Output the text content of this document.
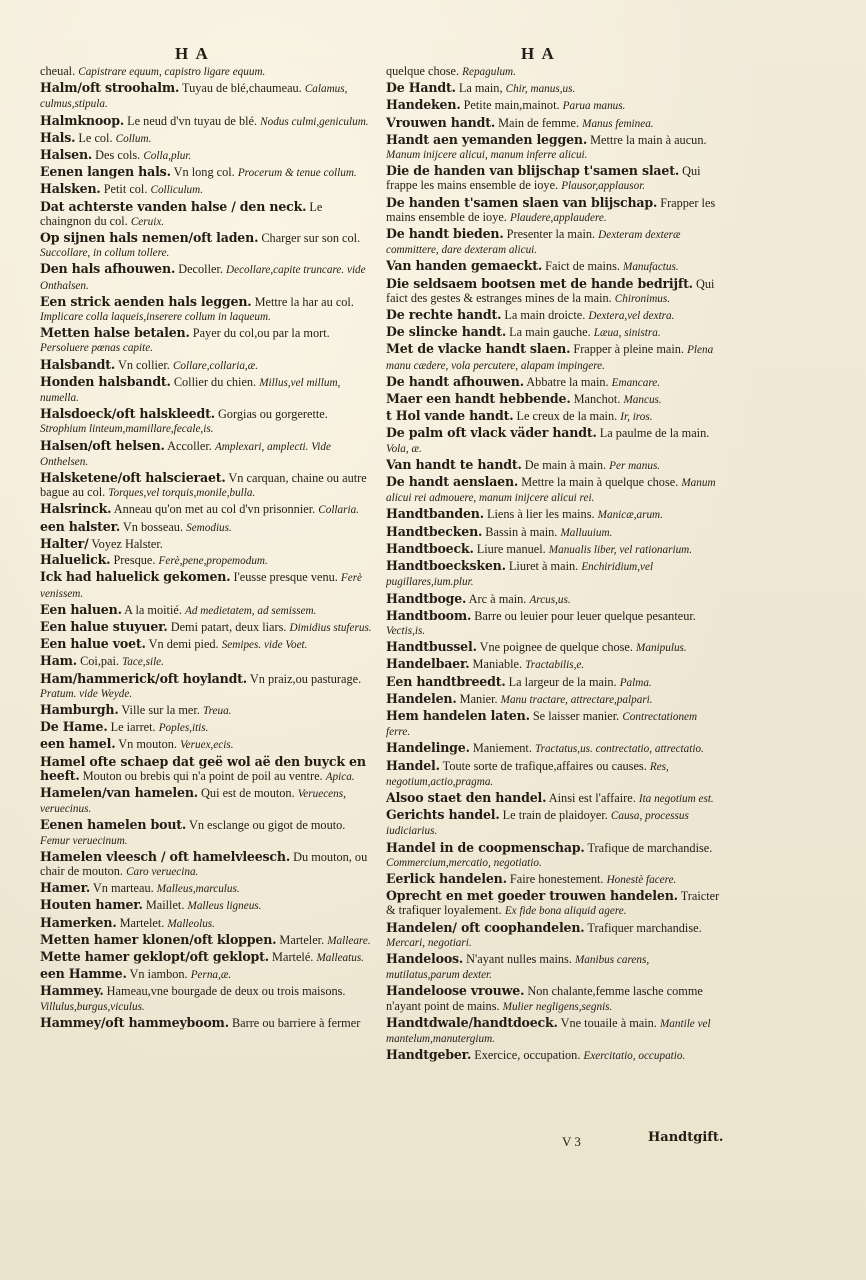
H A	H A
cheual. Capistrare equum, capistro ligare equum.
Halm/oft stroohalm. Tuyau de blé,chaumeau. Calamus, culmus,stipula.
Halmknoop. Le neud d'vn tuyau de blé. Nodus culmi,geniculum.
Hals. Le col. Collum.
Halsen. Des cols. Colla,plur.
Eenen langen hals. Vn long col. Procerum & tenue collum.
Halsken. Petit col. Colliculum.
Dat achterste vanden halse / den neck. Le chaingnon du col. Ceruix.
Op sijnen hals nemen/oft laden. Charger sur son col. Succollare, in collum tollere.
Den hals afhouwen. Decoller. Decollare,capite truncare. vide Onthalsen.
Een strick aenden hals leggen. Mettre la har au col. Implicare colla laqueis,inserere collum in laqueum.
Metten halse betalen. Payer du col,ou par la mort. Persoluere pœnas capite.
Halsbandt. Vn collier. Collare,collaria,æ.
Honden halsbandt. Collier du chien. Millus,vel millum, numella.
Halsdoeck/oft halskleedt. Gorgias ou gorgerette. Strophium linteum,mamillare,fecale,is.
Halsen/oft helsen. Accoller. Amplexari, amplecti. Vide Onthelsen.
Halsketene/oft halscieraet. Vn carquan, chaine ou autre bague au col. Torques,vel torquis,monile,bulla.
Halsrinck. Anneau qu'on met au col d'vn prisonnier. Collaria.
een halster. Vn bosseau. Semodius.
Halter/ Voyez Halster.
Haluelick. Presque. Ferè,pene,propemodum.
Ick had haluelick gekomen. I'eusse presque venu. Ferè venissem.
Een haluen. A la moitié. Ad medietatem, ad semissem.
Een halue stuyuer. Demi patart, deux liars. Dimidius stuferus.
Een halue voet. Vn demi pied. Semipes. vide Voet.
Ham. Coi,pai. Tace,sile.
Ham/hammerick/oft hoylandt. Vn praiz,ou pasturage. Pratum. vide Weyde.
Hamburgh. Ville sur la mer. Treua.
De Hame. Le iarret. Poples,itis.
een hamel. Vn mouton. Veruex,ecis.
Hamel ofte schaep dat geë wol aë den buyck en heeft. Mouton ou brebis qui n'a point de poil au ventre. Apica.
Hamelen/van hamelen. Qui est de mouton. Veruecens, veruecinus.
Eenen hamelen bout. Vn esclange ou gigot de mouto. Femur veruecinum.
Hamelen vleesch / oft hamelvleesch. Du mouton, ou chair de mouton. Caro veruecina.
Hamer. Vn marteau. Malleus,marculus.
Houten hamer. Maillet. Malleus ligneus.
Hamerken. Martelet. Malleolus.
Metten hamer klonen/oft kloppen. Marteler. Malleare.
Mette hamer geklopt/oft geklopt. Martelé. Malleatus.
een Hamme. Vn iambon. Perna,æ.
Hammey. Hameau,vne bourgade de deux ou trois maisons. Villulus,burgus,viculus.
Hammey/oft hammeyboom. Barre ou barriere à fermer
quelque chose. Repagulum.
De Handt. La main, Chir, manus,us.
Handeken. Petite main,mainot. Parua manus.
Vrouwen handt. Main de femme. Manus feminea.
Handt aen yemanden leggen. Mettre la main à aucun. Manum inijcere alicui, manum inferre alicui.
Die de handen van blijschap t'samen slaet. Qui frappe les mains ensemble de ioye. Plausor,applausor.
De handen t'samen slaen van blijschap. Frapper les mains ensemble de ioye. Plaudere,applaudere.
De handt bieden. Presenter la main. Dexteram dexteræ committere, dare dexteram alicui.
Van handen gemaeckt. Faict de mains. Manufactus.
Die seldsaem bootsen met de hande bedrijft. Qui faict des gestes & estranges mines de la main. Chironimus.
De rechte handt. La main droicte. Dextera,vel dextra.
De slincke handt. La main gauche. Læua, sinistra.
Met de vlacke handt slaen. Frapper à pleine main. Plena manu cædere, vola percutere, alapam impingere.
De handt afhouwen. Abbatre la main. Emancare.
Maer een handt hebbende. Manchot. Mancus.
t Hol vande handt. Le creux de la main. Ir, iros.
De palm oft vlack väder handt. La paulme de la main. Vola, æ.
Van handt te handt. De main à main. Per manus.
De handt aenslaen. Mettre la main à quelque chose. Manum alicui rei admouere, manum inijcere alicui rei.
Handtbanden. Liens à lier les mains. Manicæ,arum.
Handtbecken. Bassin à main. Malluuium.
Handtboeck. Liure manuel. Manualis liber, vel rationarium.
Handtboecksken. Liuret à main. Enchiridium,vel pugillares,ium.plur.
Handtboge. Arc à main. Arcus,us.
Handtboom. Barre ou leuier pour leuer quelque pesanteur. Vectis,is.
Handtbussel. Vne poignee de quelque chose. Manipulus.
Handelbaer. Maniable. Tractabilis,e.
Een handtbreedt. La largeur de la main. Palma.
Handelen. Manier. Manu tractare, attrectare,palpari.
Hem handelen laten. Se laisser manier. Contrectationem ferre.
Handelinge. Maniement. Tractatus,us. contrectatio, attrectatio.
Handel. Toute sorte de trafique,affaires ou causes. Res, negotium,actio,pragma.
Alsoo staet den handel. Ainsi est l'affaire. Ita negotium est.
Gerichts handel. Le train de plaidoyer. Causa, processus iudiciarius.
Handel in de coopmenschap. Trafique de marchandise. Commercium,mercatio, negotiatio.
Eerlick handelen. Faire honestement. Honestè facere.
Oprecht en met goeder trouwen handelen. Traicter & trafiquer loyalement. Ex fide bona aliquid agere.
Handelen/ oft coophandelen. Trafiquer marchandise. Mercari, negotiari.
Handeloos. N'ayant nulles mains. Manibus carens, mutilatus,parum dexter.
Handeloose vrouwe. Non chalante,femme lasche comme n'ayant point de mains. Mulier negligens,segnis.
Handtdwale/handtdoeck. Vne touaile à main. Mantile vel mantelum,manutergium.
Handtgeber. Exercice, occupation. Exercitatio, occupatio.
V 3	Handtgift.
